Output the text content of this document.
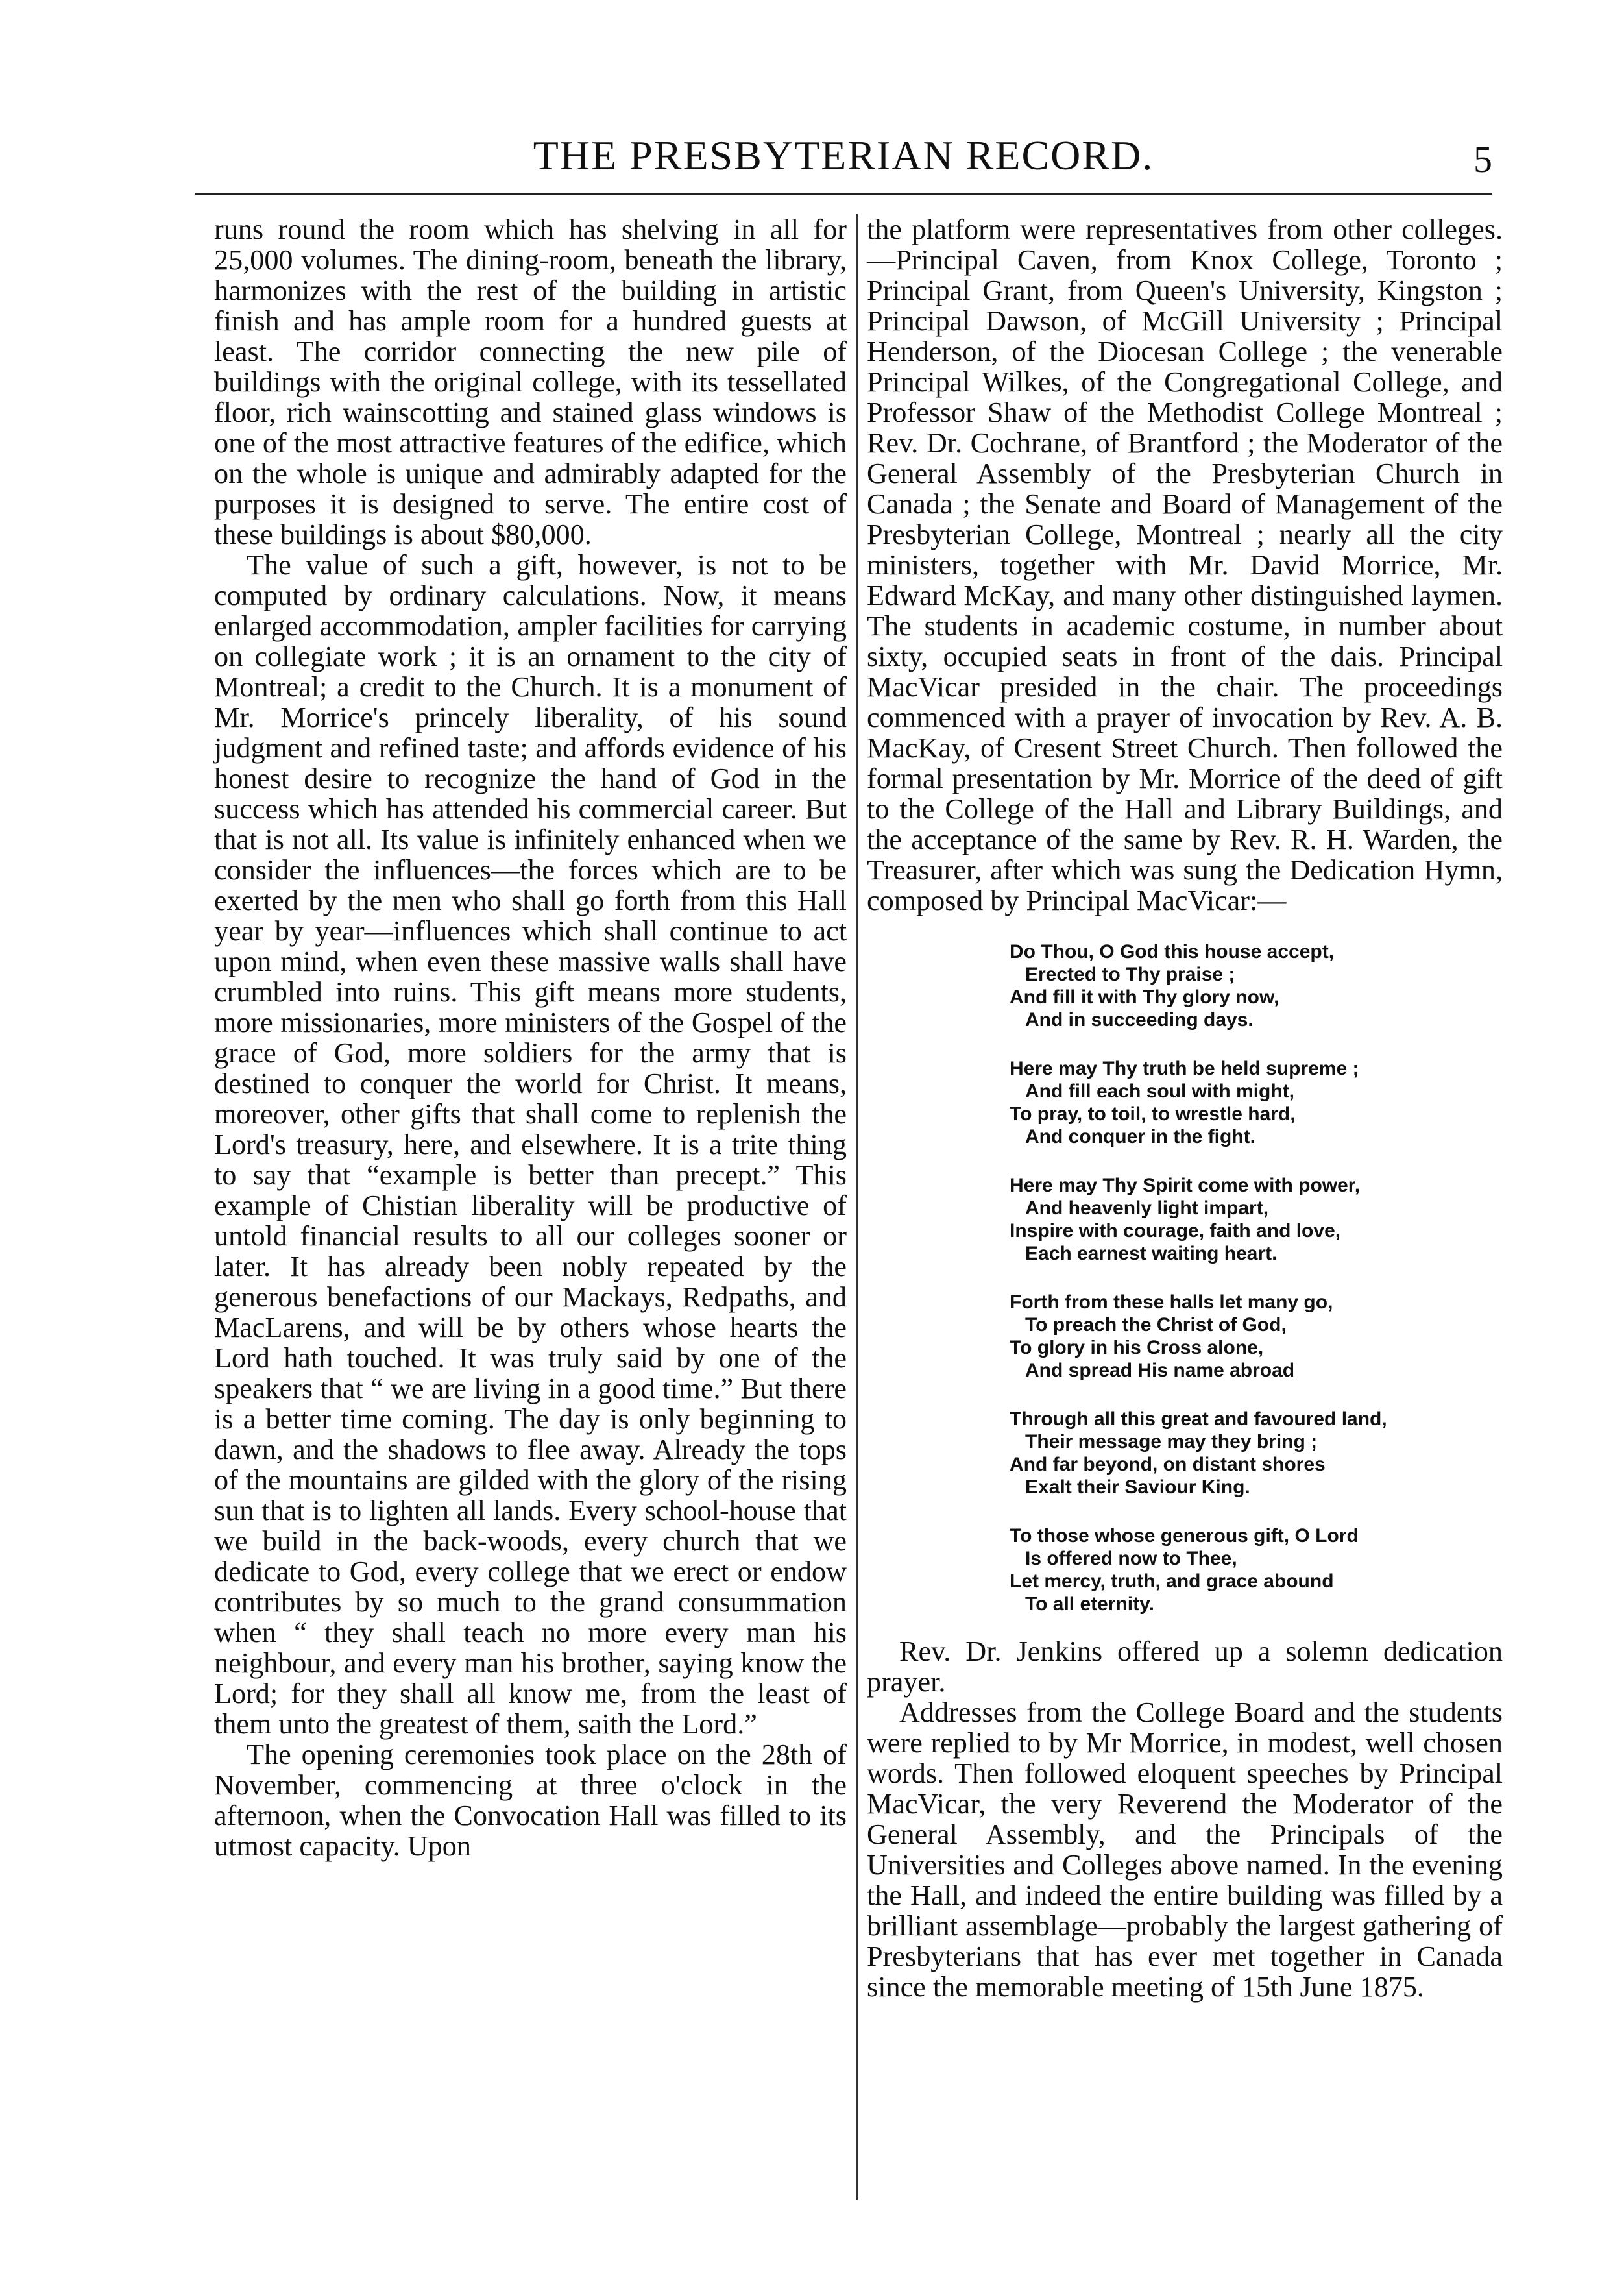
THE PRESBYTERIAN RECORD.	5

runs round the room which has shelving in all for 25,000 volumes. The dining-room, beneath the library, harmonizes with the rest of the building in artistic finish and has ample room for a hundred guests at least. The corridor connecting the new pile of buildings with the original college, with its tessellated floor, rich wainscotting and stained glass windows is one of the most attractive features of the edifice, which on the whole is unique and admirably adapted for the purposes it is designed to serve. The entire cost of these buildings is about $80,000.

The value of such a gift, however, is not to be computed by ordinary calculations. Now, it means enlarged accommodation, ampler facilities for carrying on collegiate work ; it is an ornament to the city of Montreal; a credit to the Church. It is a monument of Mr. Morrice's princely liberality, of his sound judgment and refined taste; and affords evidence of his honest desire to recognize the hand of God in the success which has attended his commercial career. But that is not all. Its value is infinitely enhanced when we consider the influences—the forces which are to be exerted by the men who shall go forth from this Hall year by year—influences which shall continue to act upon mind, when even these massive walls shall have crumbled into ruins. This gift means more students, more missionaries, more ministers of the Gospel of the grace of God, more soldiers for the army that is destined to conquer the world for Christ. It means, moreover, other gifts that shall come to replenish the Lord's treasury, here, and elsewhere. It is a trite thing to say that “example is better than precept.” This example of Chistian liberality will be productive of untold financial results to all our colleges sooner or later. It has already been nobly repeated by the generous benefactions of our Mackays, Redpaths, and MacLarens, and will be by others whose hearts the Lord hath touched. It was truly said by one of the speakers that “ we are living in a good time.” But there is a better time coming. The day is only beginning to dawn, and the shadows to flee away. Already the tops of the mountains are gilded with the glory of the rising sun that is to lighten all lands. Every school-house that we build in the back-woods, every church that we dedicate to God, every college that we erect or endow contributes by so much to the grand consummation when “ they shall teach no more every man his neighbour, and every man his brother, saying know the Lord; for they shall all know me, from the least of them unto the greatest of them, saith the Lord.”

The opening ceremonies took place on the 28th of November, commencing at three o'clock in the afternoon, when the Convocation Hall was filled to its utmost capacity. Upon

the platform were representatives from other colleges.—Principal Caven, from Knox College, Toronto ; Principal Grant, from Queen's University, Kingston ; Principal Dawson, of McGill University ; Principal Henderson, of the Diocesan College ; the venerable Principal Wilkes, of the Congregational College, and Professor Shaw of the Methodist College Montreal ; Rev. Dr. Cochrane, of Brantford ; the Moderator of the General Assembly of the Presbyterian Church in Canada ; the Senate and Board of Management of the Presbyterian College, Montreal ; nearly all the city ministers, together with Mr. David Morrice, Mr. Edward McKay, and many other distinguished laymen. The students in academic costume, in number about sixty, occupied seats in front of the dais. Principal MacVicar presided in the chair. The proceedings commenced with a prayer of invocation by Rev. A. B. MacKay, of Cresent Street Church. Then followed the formal presentation by Mr. Morrice of the deed of gift to the College of the Hall and Library Buildings, and the acceptance of the same by Rev. R. H. Warden, the Treasurer, after which was sung the Dedication Hymn, composed by Principal MacVicar:—

Do Thou, O God this house accept,
Erected to Thy praise ;
And fill it with Thy glory now,
And in succeeding days.
Here may Thy truth be held supreme ;
And fill each soul with might,
To pray, to toil, to wrestle hard,
And conquer in the fight.
Here may Thy Spirit come with power,
And heavenly light impart,
Inspire with courage, faith and love,
Each earnest waiting heart.
Forth from these halls let many go,
To preach the Christ of God,
To glory in his Cross alone,
And spread His name abroad
Through all this great and favoured land,
Their message may they bring ;
And far beyond, on distant shores
Exalt their Saviour King.
To those whose generous gift, O Lord
Is offered now to Thee,
Let mercy, truth, and grace abound
To all eternity.

Rev. Dr. Jenkins offered up a solemn dedication prayer.

Addresses from the College Board and the students were replied to by Mr Morrice, in modest, well chosen words. Then followed eloquent speeches by Principal MacVicar, the very Reverend the Moderator of the General Assembly, and the Principals of the Universities and Colleges above named. In the evening the Hall, and indeed the entire building was filled by a brilliant assemblage—probably the largest gathering of Presbyterians that has ever met together in Canada since the memorable meeting of 15th June 1875.
